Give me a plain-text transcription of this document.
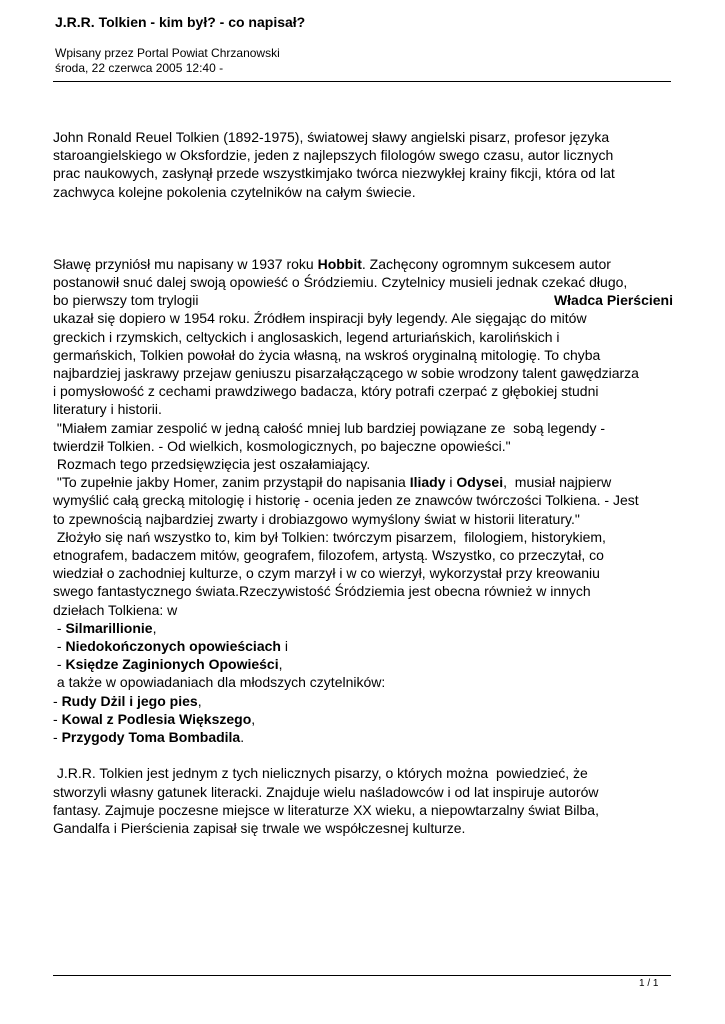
J.R.R. Tolkien - kim był? - co napisał?
Wpisany przez Portal Powiat Chrzanowski
środa, 22 czerwca 2005 12:40 -

John Ronald Reuel Tolkien (1892-1975), światowej sławy angielski pisarz, profesor języka
staroangielskiego w Oksfordzie, jeden z najlepszych filologów swego czasu, autor licznych
prac naukowych, zasłynął przede wszystkimjako twórca niezwykłej krainy fikcji, która od lat
zachwyca kolejne pokolenia czytelników na całym świecie.

Sławę przyniósł mu napisany w 1937 roku Hobbit. Zachęcony ogromnym sukcesem autor
postanowił snuć dalej swoją opowieść o Śródziemiu. Czytelnicy musieli jednak czekać długo,
bo pierwszy tom trylogii	Władca Pierścieni
ukazał się dopiero w 1954 roku. Źródłem inspiracji były legendy. Ale sięgając do mitów
greckich i rzymskich, celtyckich i anglosaskich, legend arturiańskich, karolińskich i
germańskich, Tolkien powołał do życia własną, na wskroś oryginalną mitologię. To chyba
najbardziej jaskrawy przejaw geniuszu pisarzałączącego w sobie wrodzony talent gawędziarza
i pomysłowość z cechami prawdziwego badacza, który potrafi czerpać z głębokiej studni
literatury i historii.
"Miałem zamiar zespolić w jedną całość mniej lub bardziej powiązane ze  sobą legendy -
twierdził Tolkien. - Od wielkich, kosmologicznych, po bajeczne opowieści."
Rozmach tego przedsięwzięcia jest oszałamiający.
"To zupełnie jakby Homer, zanim przystąpił do napisania Iliady i Odysei,  musiał najpierw
wymyślić całą grecką mitologię i historię - ocenia jeden ze znawców twórczości Tolkiena. - Jest
to zpewnością najbardziej zwarty i drobiazgowo wymyślony świat w historii literatury."
Złożyło się nań wszystko to, kim był Tolkien: twórczym pisarzem,  filologiem, historykiem,
etnografem, badaczem mitów, geografem, filozofem, artystą. Wszystko, co przeczytał, co
wiedział o zachodniej kulturze, o czym marzył i w co wierzył, wykorzystał przy kreowaniu
swego fantastycznego świata.Rzeczywistość Śródziemia jest obecna również w innych
dziełach Tolkiena: w

- Silmarillionie,
- Niedokończonych opowieściach i
- Księdze Zaginionych Opowieści,
a także w opowiadaniach dla młodszych czytelników:
- Rudy Dżil i jego pies,
- Kowal z Podlesia Większego,
- Przygody Toma Bombadila.

J.R.R. Tolkien jest jednym z tych nielicznych pisarzy, o których można  powiedzieć, że
stworzyli własny gatunek literacki. Znajduje wielu naśladowców i od lat inspiruje autorów
fantasy. Zajmuje poczesne miejsce w literaturze XX wieku, a niepowtarzalny świat Bilba,
Gandalfa i Pierścienia zapisał się trwale we współczesnej kulturze.

1 / 1
